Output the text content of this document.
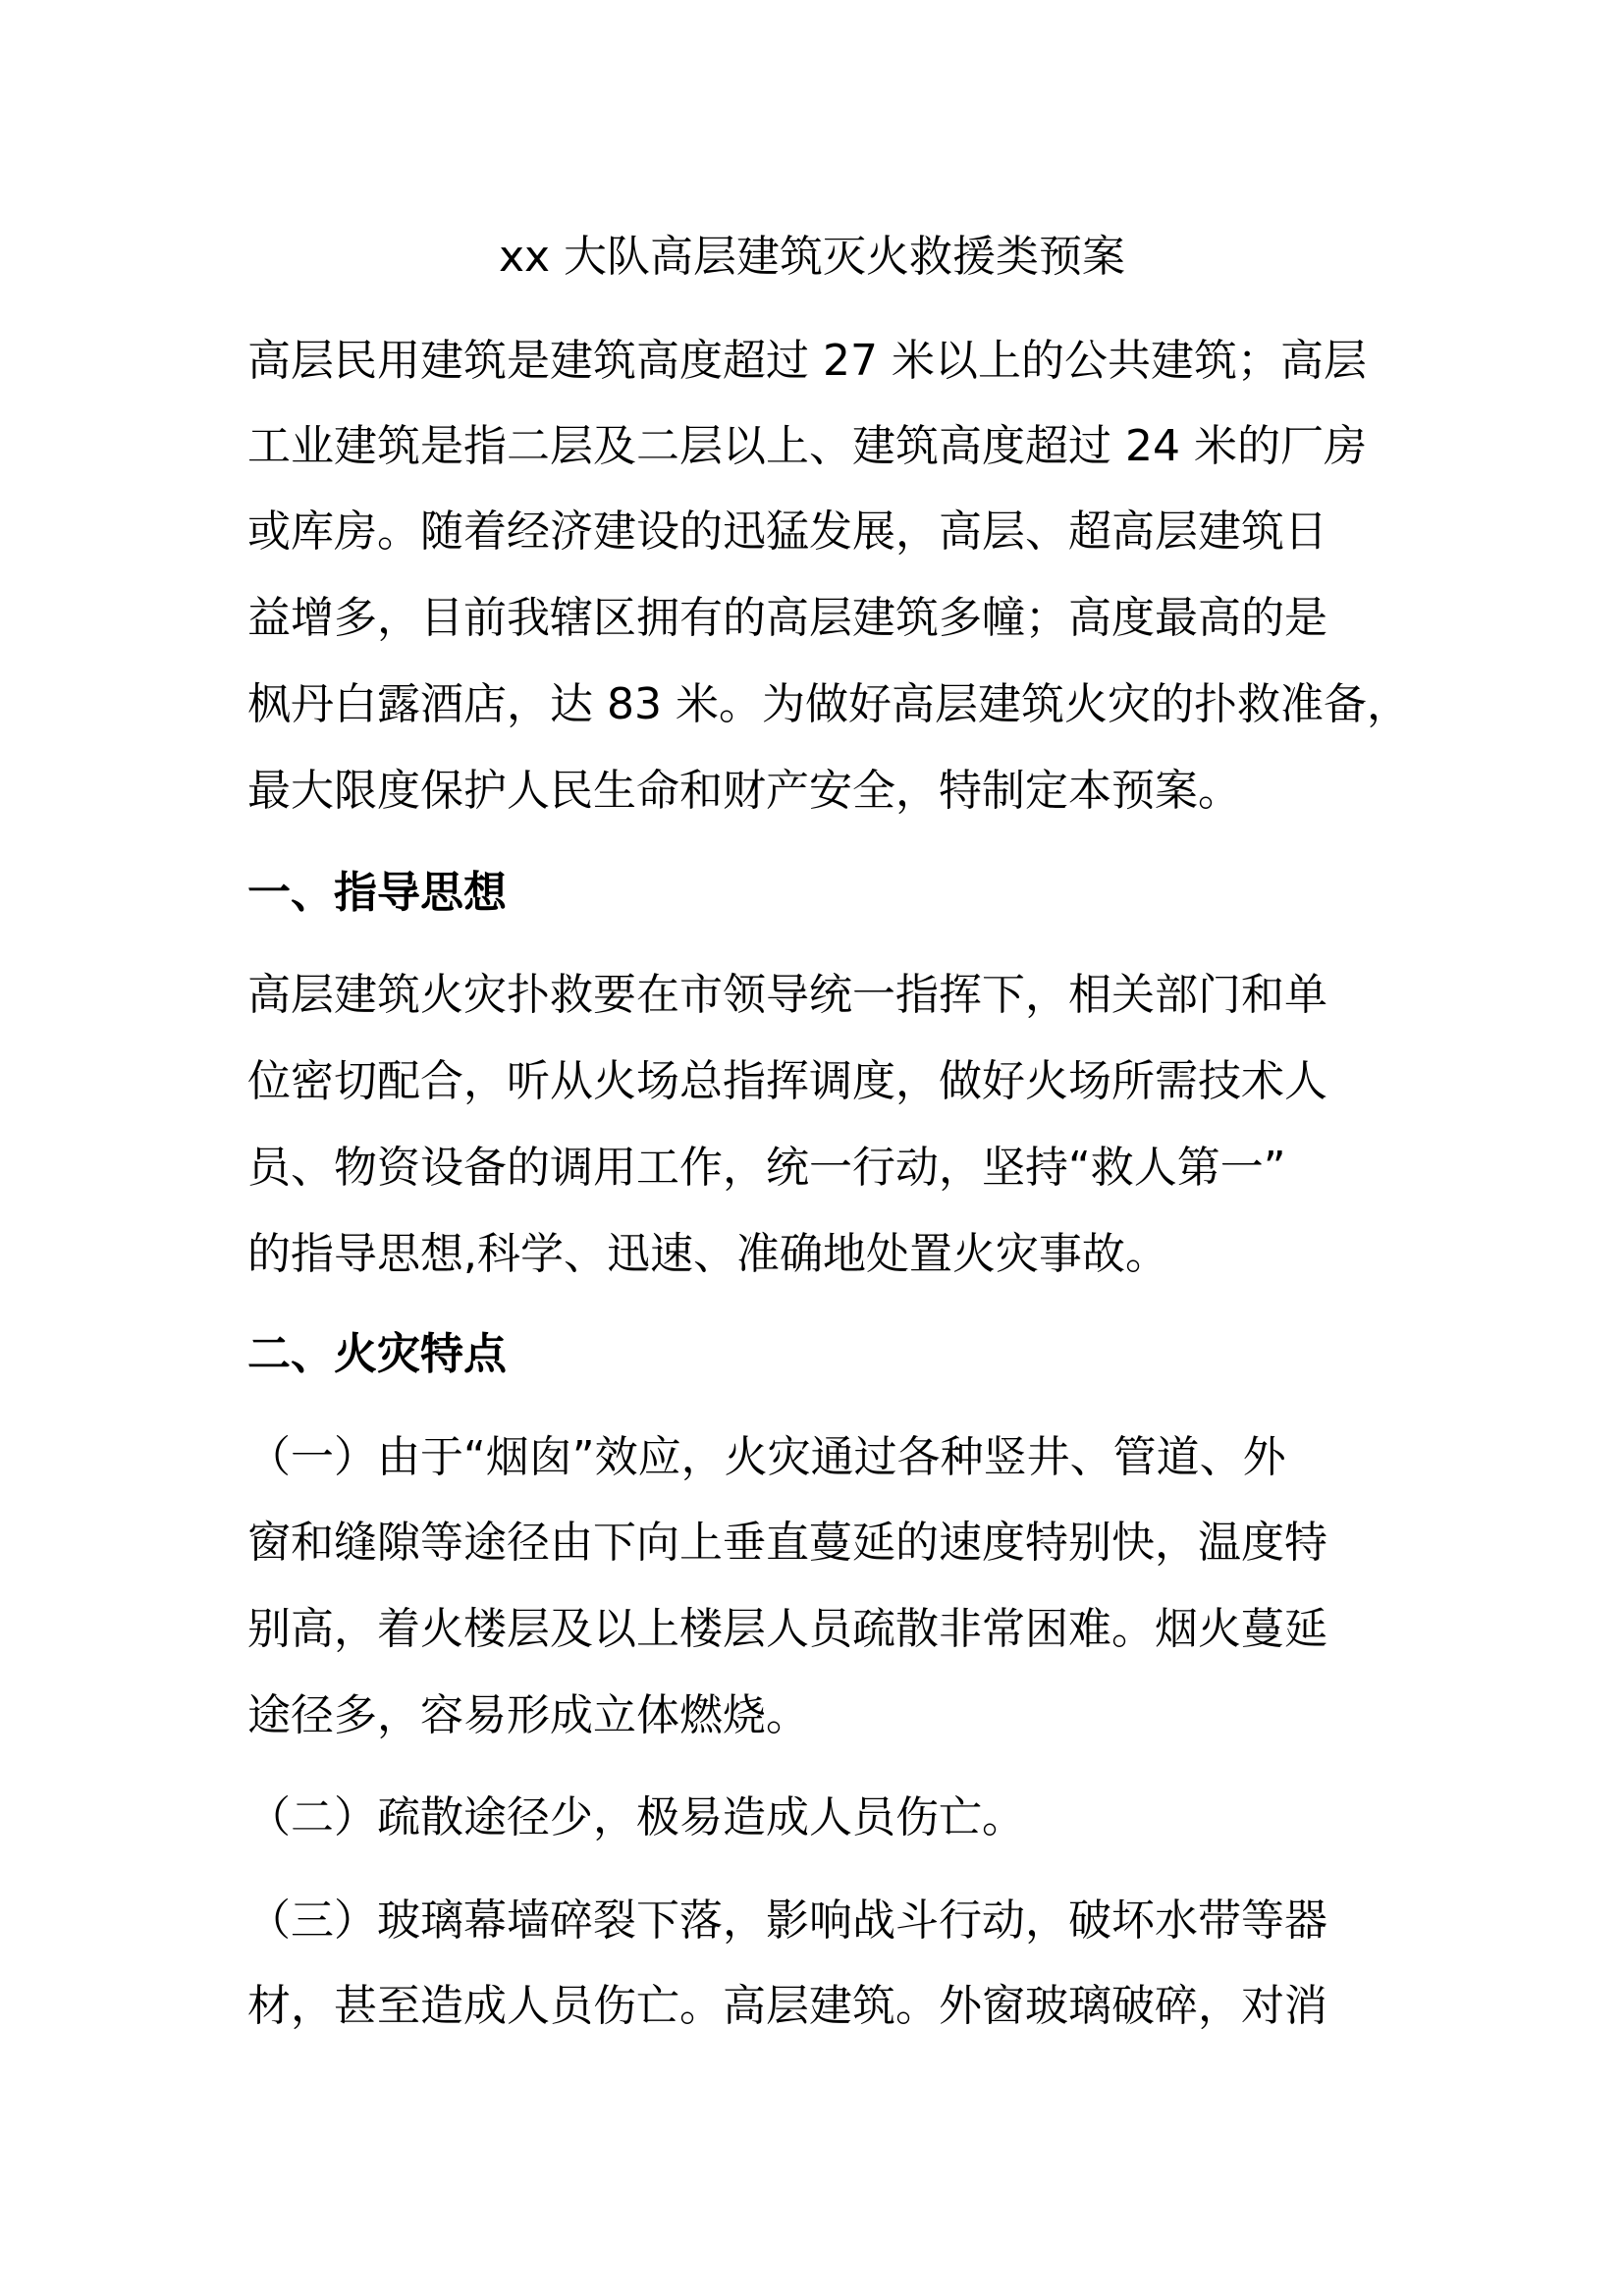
xx 大队高层建筑灭火救援类预案
高层民用建筑是建筑高度超过 27 米以上的公共建筑；高层
工业建筑是指二层及二层以上、建筑高度超过 24 米的厂房
或库房。随着经济建设的迅猛发展，高层、超高层建筑日
益增多，目前我辖区拥有的高层建筑多幢；高度最高的是
枫丹白露酒店，达 83 米。为做好高层建筑火灾的扑救准备，
最大限度保护人民生命和财产安全，特制定本预案。
一、指导思想
高层建筑火灾扑救要在市领导统一指挥下，相关部门和单
位密切配合，听从火场总指挥调度，做好火场所需技术人
员、物资设备的调用工作，统一行动，坚持“救人第一”
的指导思想,科学、迅速、准确地处置火灾事故。
二、火灾特点
（一）由于“烟囱”效应，火灾通过各种竖井、管道、外
窗和缝隙等途径由下向上垂直蔓延的速度特别快，温度特
别高，着火楼层及以上楼层人员疏散非常困难。烟火蔓延
途径多，容易形成立体燃烧。
（二）疏散途径少，极易造成人员伤亡。
（三）玻璃幕墙碎裂下落，影响战斗行动，破坏水带等器
材，甚至造成人员伤亡。高层建筑。外窗玻璃破碎，对消
